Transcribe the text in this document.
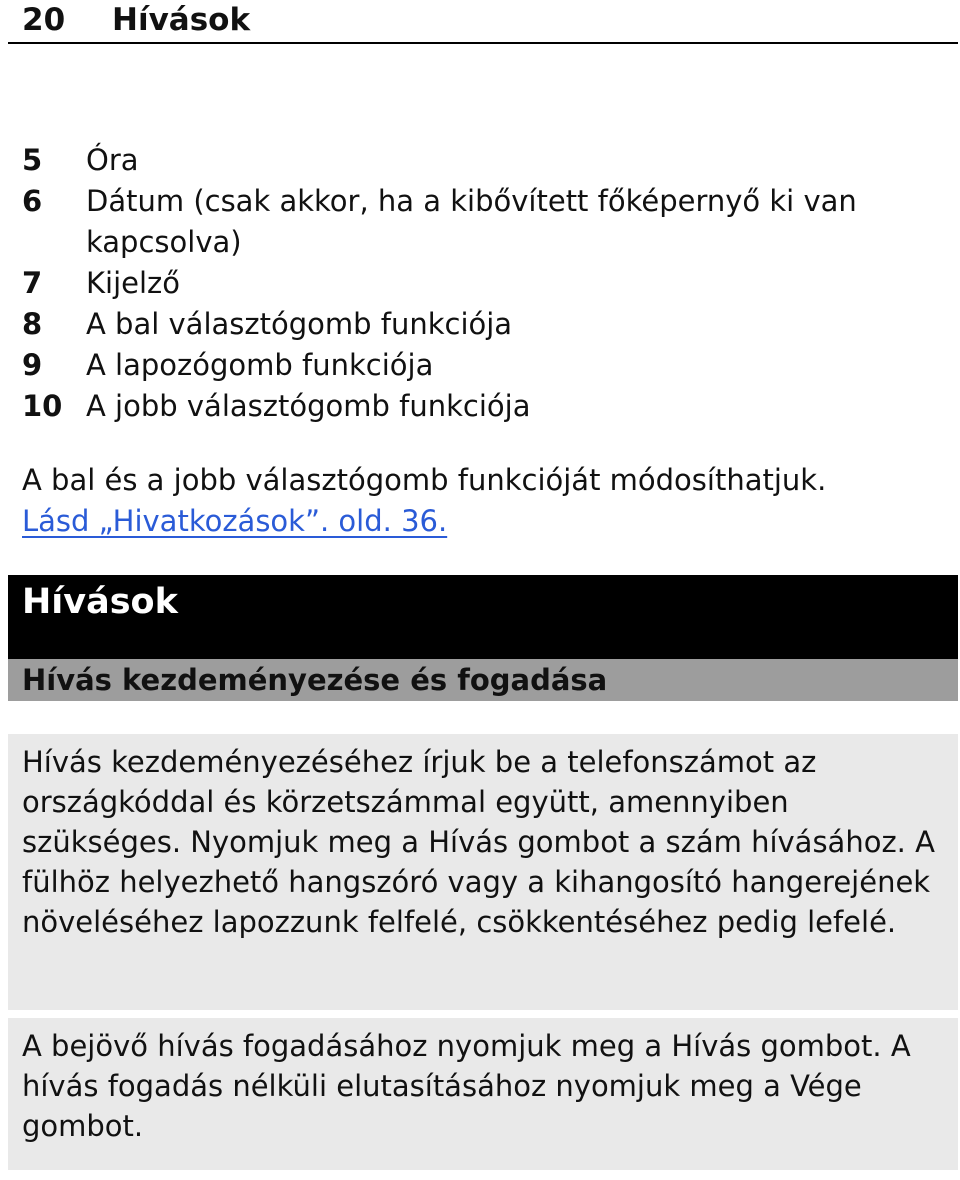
20 Hívások
5 Óra
6 Dátum (csak akkor, ha a kibővített főképernyő ki van kapcsolva)
7 Kijelző
8 A bal választógomb funkciója
9 A lapozógomb funkciója
10 A jobb választógomb funkciója
A bal és a jobb választógomb funkcióját módosíthatjuk.
Lásd „Hivatkozások”. old. 36.
Hívások
Hívás kezdeményezése és fogadása
Hívás kezdeményezéséhez írjuk be a telefonszámot az országkóddal és körzetszámmal együtt, amennyiben szükséges. Nyomjuk meg a Hívás gombot a szám hívásához. A fülhöz helyezhető hangszóró vagy a kihangosító hangerejének növeléséhez lapozzunk felfelé, csökkentéséhez pedig lefelé.
A bejövő hívás fogadásához nyomjuk meg a Hívás gombot. A hívás fogadás nélküli elutasításához nyomjuk meg a Vége gombot.
